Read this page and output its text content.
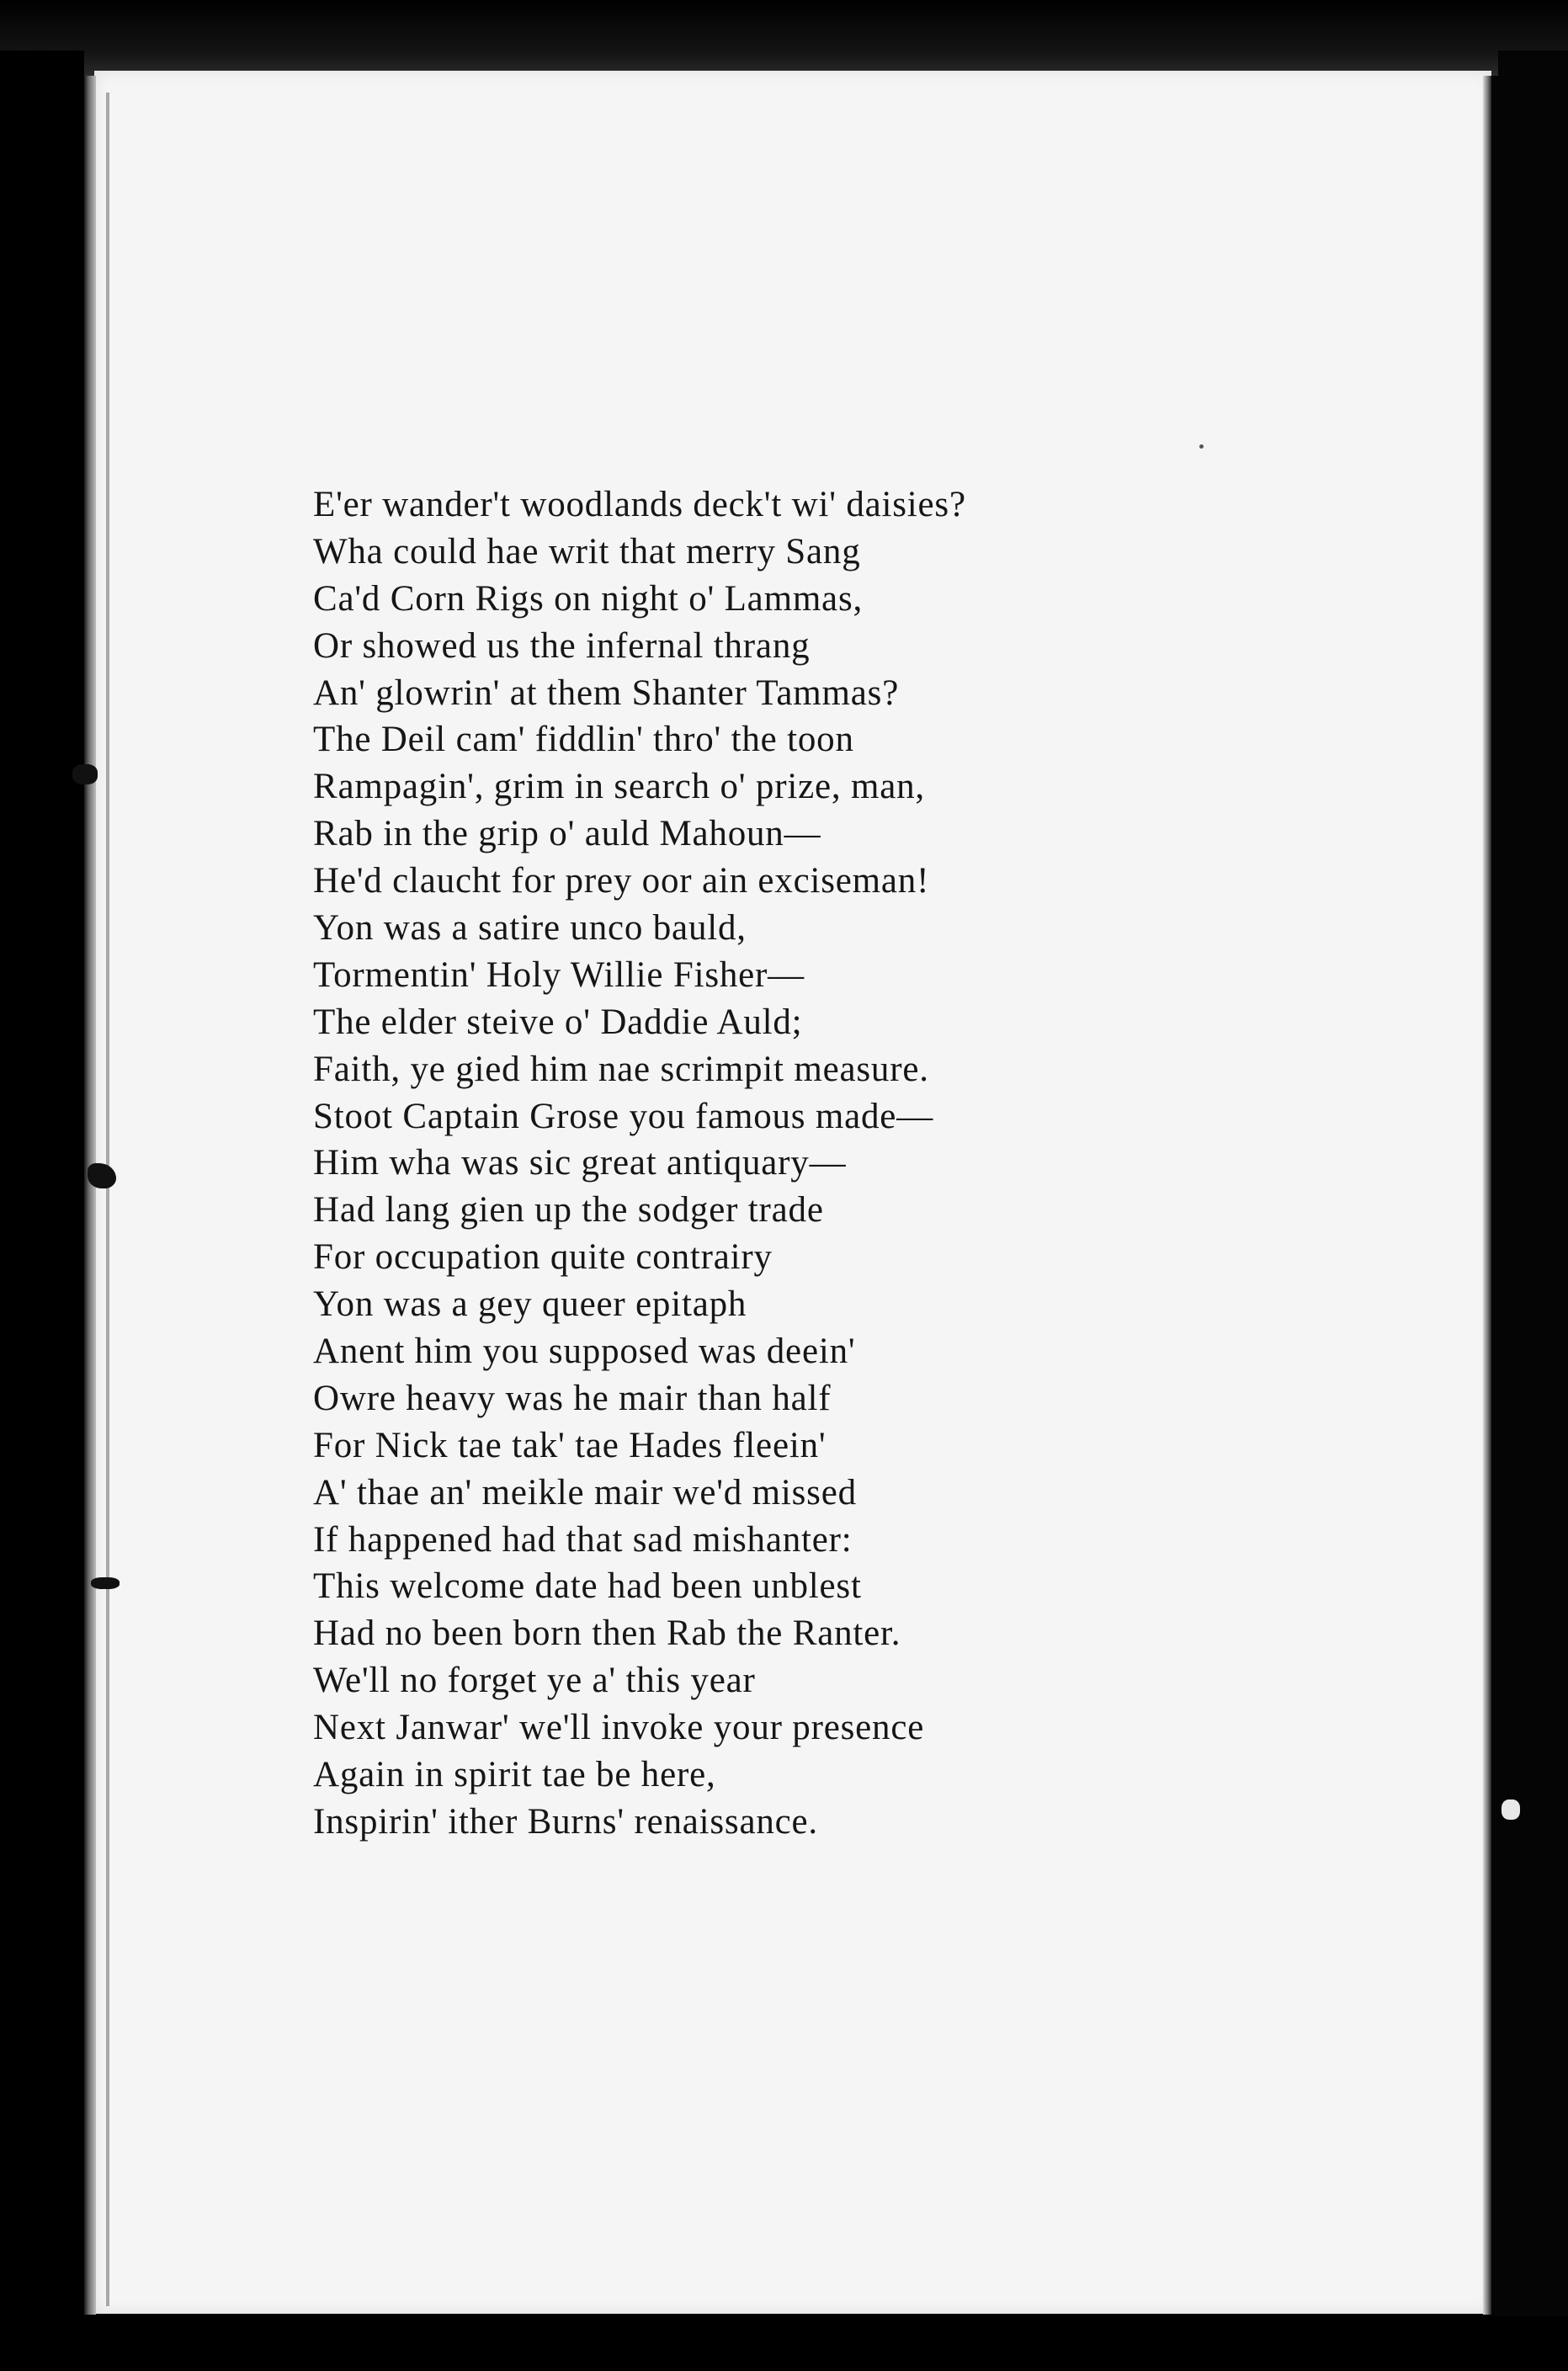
E'er wander't woodlands deck't wi' daisies?
Wha could hae writ that merry Sang
Ca'd Corn Rigs on night o' Lammas,
Or showed us the infernal thrang
An' glowrin' at them Shanter Tammas?
The Deil cam' fiddlin' thro' the toon
Rampagin', grim in search o' prize, man,
Rab in the grip o' auld Mahoun—
He'd claucht for prey oor ain exciseman!
Yon was a satire unco bauld,
Tormentin' Holy Willie Fisher—
The elder steive o' Daddie Auld;
Faith, ye gied him nae scrimpit measure.
Stoot Captain Grose you famous made—
Him wha was sic great antiquary—
Had lang gien up the sodger trade
For occupation quite contrairy
Yon was a gey queer epitaph
Anent him you supposed was deein'
Owre heavy was he mair than half
For Nick tae tak' tae Hades fleein'
A' thae an' meikle mair we'd missed
If happened had that sad mishanter:
This welcome date had been unblest
Had no been born then Rab the Ranter.
We'll no forget ye a' this year
Next Janwar' we'll invoke your presence
Again in spirit tae be here,
Inspirin' ither Burns' renaissance.
